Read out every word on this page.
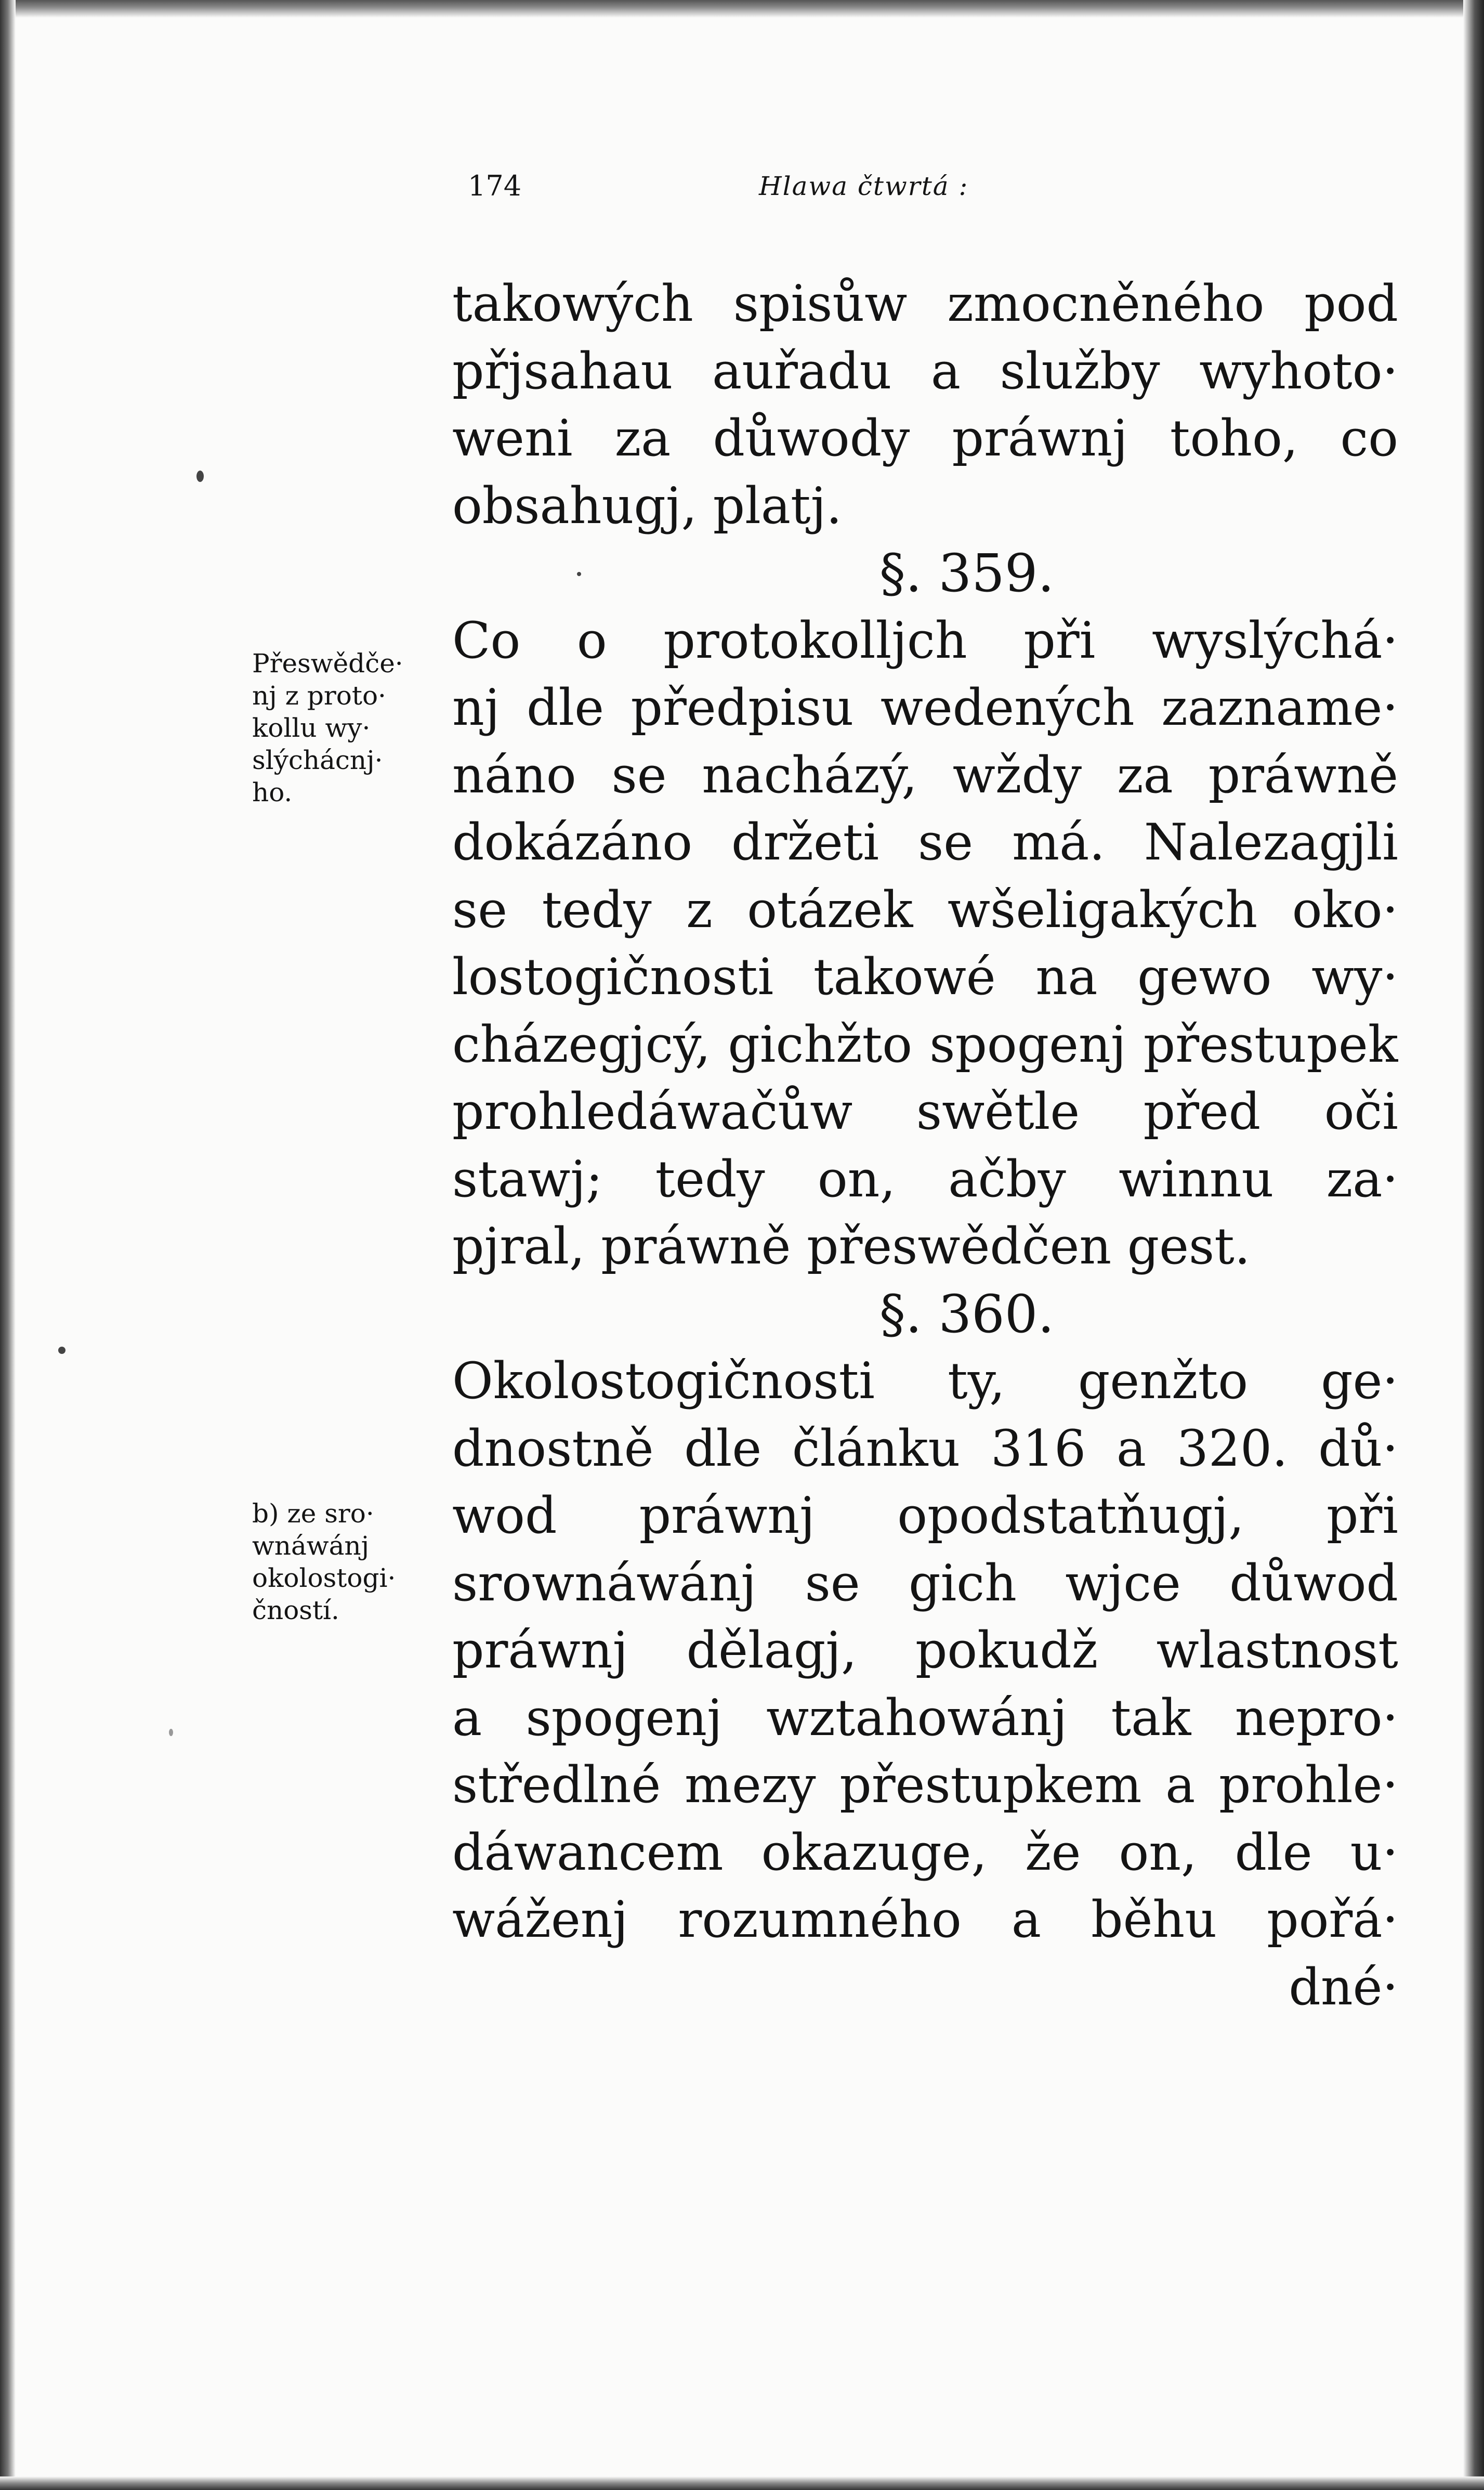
174	Hlawa čtwrtá :
Přeswědče·
nj z proto·
kollu wy·
slýchácnj·
ho.
b) ze sro·
wnáwánj
okolostogi·
čností.
takowých spisůw zmocněného pod
přjsahau auřadu a služby wyhoto·
weni za důwody práwnj toho, co
obsahugj, platj.
§. 359.
Co o protokolljch při wyslýchá·
nj dle předpisu wedených zazname·
náno se nacházý, wždy za práwně
dokázáno držeti se má. Nalezagjli
se tedy z otázek wšeligakých oko·
lostogičnosti takowé na gewo wy·
cházegjcý, gichžto spogenj přestupek
prohledáwačůw swětle před oči
stawj; tedy on, ačby winnu za·
pjral, práwně přeswědčen gest.
§. 360.
Okolostogičnosti ty, genžto ge·
dnostně dle článku 316 a 320. dů·
wod práwnj opodstatňugj, při
srownáwánj se gich wjce důwod
práwnj dělagj, pokudž wlastnost
a spogenj wztahowánj tak nepro·
středlné mezy přestupkem a prohle·
dáwancem okazuge, že on, dle u·
wáženj rozumného a běhu pořá·
dné·
